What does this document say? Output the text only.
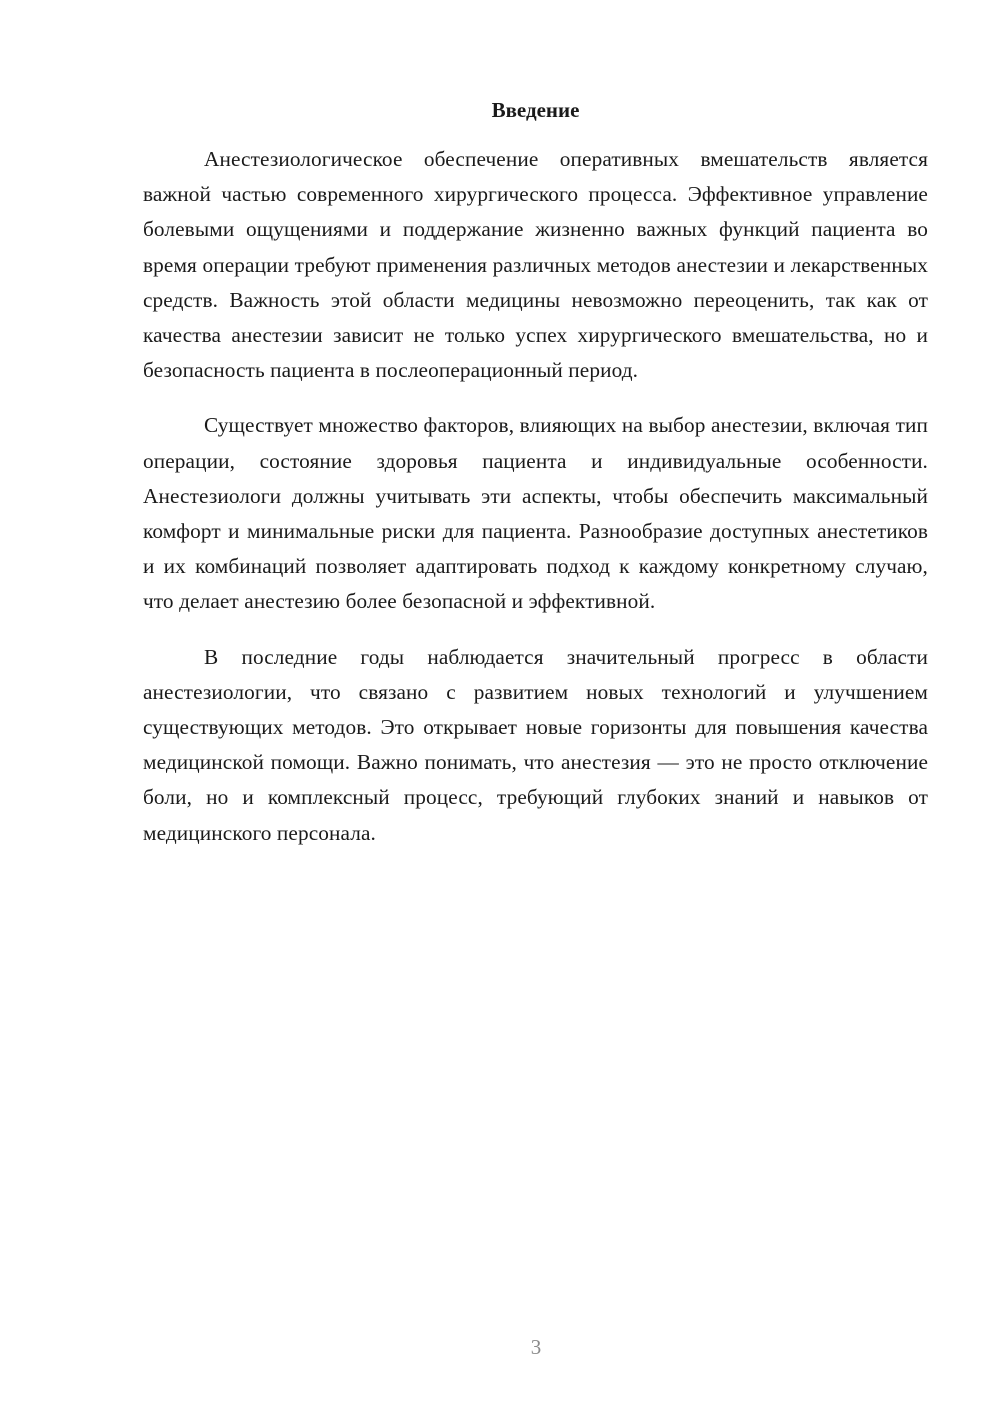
Введение

Анестезиологическое обеспечение оперативных вмешательств является важной частью современного хирургического процесса. Эффективное управление болевыми ощущениями и поддержание жизненно важных функций пациента во время операции требуют применения различных методов анестезии и лекарственных средств. Важность этой области медицины невозможно переоценить, так как от качества анестезии зависит не только успех хирургического вмешательства, но и безопасность пациента в послеоперационный период.

Существует множество факторов, влияющих на выбор анестезии, включая тип операции, состояние здоровья пациента и индивидуальные особенности. Анестезиологи должны учитывать эти аспекты, чтобы обеспечить максимальный комфорт и минимальные риски для пациента. Разнообразие доступных анестетиков и их комбинаций позволяет адаптировать подход к каждому конкретному случаю, что делает анестезию более безопасной и эффективной.

В последние годы наблюдается значительный прогресс в области анестезиологии, что связано с развитием новых технологий и улучшением существующих методов. Это открывает новые горизонты для повышения качества медицинской помощи. Важно понимать, что анестезия — это не просто отключение боли, но и комплексный процесс, требующий глубоких знаний и навыков от медицинского персонала.

3
